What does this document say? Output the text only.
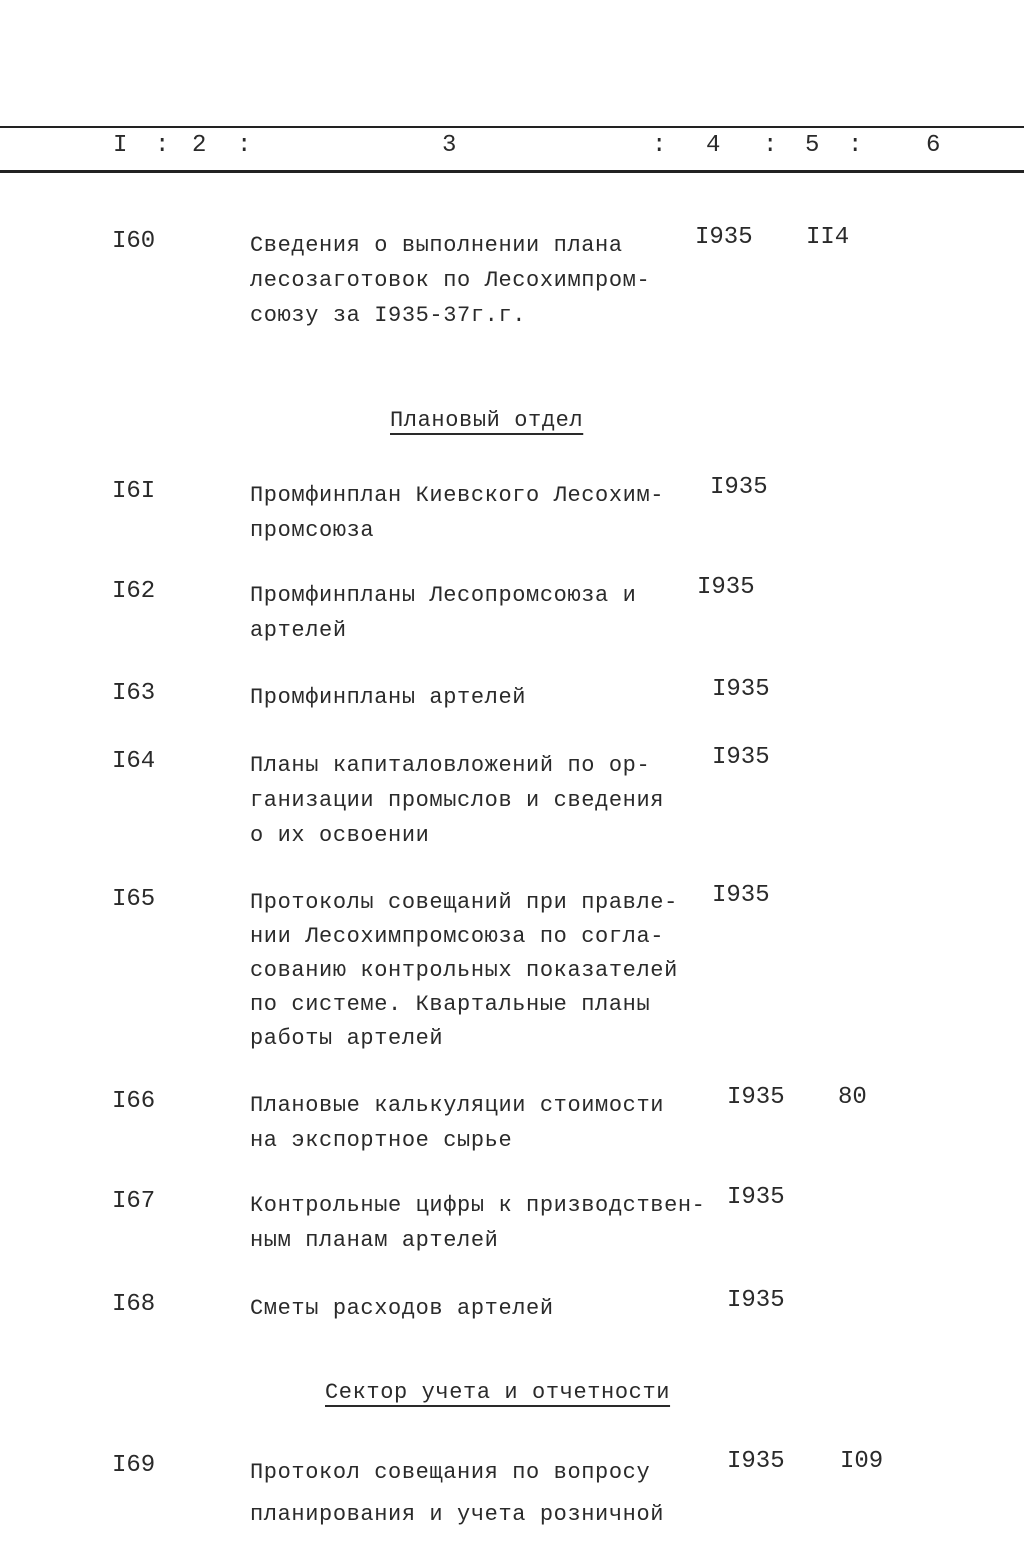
I : 2 :	3	: 4 : 5 :	6
I60	Сведения о выполнении плана
лесозаготовок по Лесохимпром-
союзу за I935-37г.г.
I935 II4
I6I	Промфинплан Киевского Лесохим-
промсоюза
I935
I62	Промфинпланы Лесопромсоюза и
артелей
I935
I63	Промфинпланы артелей	I935
I64	Планы капиталовложений по ор-
ганизации промыслов и сведения
о их освоении
I935
I65	Протоколы совещаний при правле-
нии Лесохимпромсоюза по согла-
сованию контрольных показателей
по системе. Квартальные планы
работы артелей
I935
I66	Плановые калькуляции стоимости
на экспортное сырье
I935 80
I67	Контрольные цифры к призводствен-
ным планам артелей
I935
I68	Сметы расходов артелей	I935
I69	Протокол совещания по вопросу
планирования и учета розничной
I935 I09
Плановый отдел
Сектор учета и отчетности
